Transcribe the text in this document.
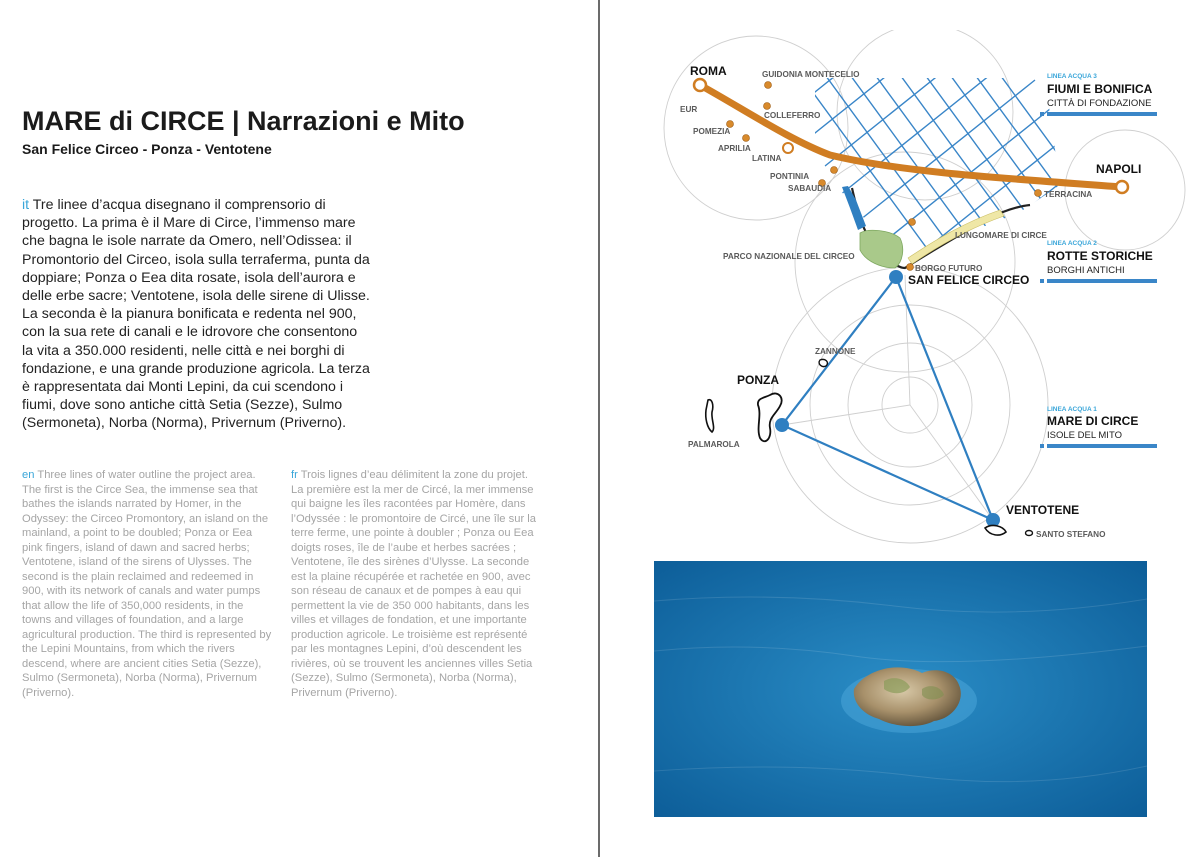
MARE di CIRCE | Narrazioni e Mito
San Felice Circeo - Ponza - Ventotene

it Tre linee d’acqua disegnano il comprensorio di progetto. La prima è il Mare di Circe, l’immenso mare che bagna le isole narrate da Omero, nell’Odissea: il Promontorio del Circeo, isola sulla terraferma, punta da doppiare; Ponza o Eea dita rosate, isola dell’aurora e delle erbe sacre; Ventotene, isola delle sirene di Ulisse. La seconda è la pianura bonificata e redenta nel 900, con la sua rete di canali e le idrovore che consentono la vita a 350.000 residenti, nelle città e nei borghi di fondazione, e una grande produzione agricola. La terza è rappresentata dai Monti Lepini, da cui scendono i fiumi, dove sono antiche città Setia (Sezze), Sulmo (Sermoneta), Norba (Norma), Privernum (Priverno).

en Three lines of water outline the project area. The first is the Circe Sea, the immense sea that bathes the islands narrated by Homer, in the Odyssey: the Circeo Promontory, an island on the mainland, a point to be doubled; Ponza or Eea pink fingers, island of dawn and sacred herbs; Ventotene, island of the sirens of Ulysses. The second is the plain reclaimed and redeemed in 900, with its network of canals and water pumps that allow the life of 350,000 residents, in the towns and villages of foundation, and a large agricultural production. The third is represented by the Lepini Mountains, from which the rivers descend, where are ancient cities Setia (Sezze), Sulmo (Sermoneta), Norba (Norma), Privernum (Priverno).

fr Trois lignes d’eau délimitent la zone du projet. La première est la mer de Circé, la mer immense qui baigne les îles racontées par Homère, dans l’Odyssée : le promontoire de Circé, une île sur la terre ferme, une pointe à doubler ; Ponza ou Eea doigts roses, île de l’aube et herbes sacrées ; Ventotene, île des sirènes d’Ulysse. La seconde est la plaine récupérée et rachetée en 900, avec son réseau de canaux et de pompes à eau qui permettent la vie de 350 000 habitants, dans les villes et villages de fondation, et une importante production agricole. Le troisième est représenté par les montagnes Lepini, d’où descendent les rivières, où se trouvent les anciennes villes Setia (Sezze), Sulmo (Sermoneta), Norba (Norma), Privernum (Priverno).

ROMA	GUIDONIA MONTECELIO
EUR
COLLEFERRO
POMEZIA
APRILIA
LATINA
PONTINIA
SABAUDIA
NAPOLI
TERRACINA
LUNGOMARE DI CIRCE
PARCO NAZIONALE DEL CIRCEO
BORGO FUTURO
SAN FELICE CIRCEO
ZANNONE
PONZA
PALMAROLA
VENTOTENE
SANTO STEFANO
LINEA ACQUA 3
FIUMI E BONIFICA
CITTÀ DI FONDAZIONE
LINEA ACQUA 2
ROTTE STORICHE
BORGHI ANTICHI
LINEA ACQUA 1
MARE DI CIRCE
ISOLE DEL MITO
